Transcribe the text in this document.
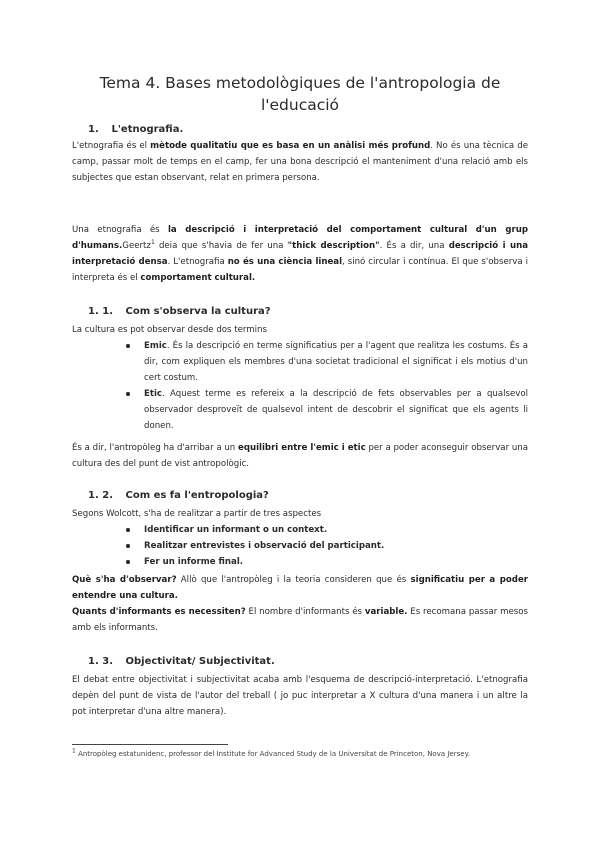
Tema 4. Bases metodològiques de l'antropologia de l'educació
1. L'etnografia.

L'etnografia és el mètode qualitatiu que es basa en un anàlisi més profund. No és una tècnica de camp, passar molt de temps en el camp, fer una bona descripció el manteniment d'una relació amb els subjectes que estan observant, relat en primera persona.

Una etnografia és la descripció i interpretació del comportament cultural d'un grup d'humans.Geertz$^1$ deia que s'havia de fer una "thick description". És a dir, una descripció i una interpretació densa. L'etnografia no és una ciència lineal, sinó circular i contínua. El que s'observa i interpreta és el comportament cultural.

1. 1. Com s'observa la cultura?

La cultura es pot observar desde dos termins

Emic. És la descripció en terme significatius per a l'agent que realitza les costums. És a dir, com expliquen els membres d'una societat tradicional el significat i els motius d'un cert costum.
Etic. Aquest terme es refereix a la descripció de fets observables per a qualsevol observador desproveït de qualsevol intent de descobrir el significat que els agents li donen.

És a dir, l'antropòleg ha d'arribar a un equilibri entre l'emic i etic per a poder aconseguir observar una cultura des del punt de vist antropològic.

1. 2. Com es fa l'entropologia?

Segons Wolcott, s'ha de realitzar a partir de tres aspectes

Identificar un informant o un context.
Realitzar entrevistes i observació del participant.
Fer un informe final.

Què s'ha d'observar? Allò que l'antropòleg i la teoria consideren que és significatiu per a poder entendre una cultura.

Quants d'informants es necessiten? El nombre d'informants és variable. Es recomana passar mesos amb els informants.

1. 3. Objectivitat/ Subjectivitat.

El debat entre objectivitat i subjectivitat acaba amb l'esquema de descripció-interpretació. L'etnografia depèn del punt de vista de l'autor del treball ( jo puc interpretar a X cultura d'una manera i un altre la pot interpretar d'una altre manera).

$^1$ Antropòleg estatunidenc, professor del Institute for Advanced Study de la Universitat de Princeton, Nova Jersey.
